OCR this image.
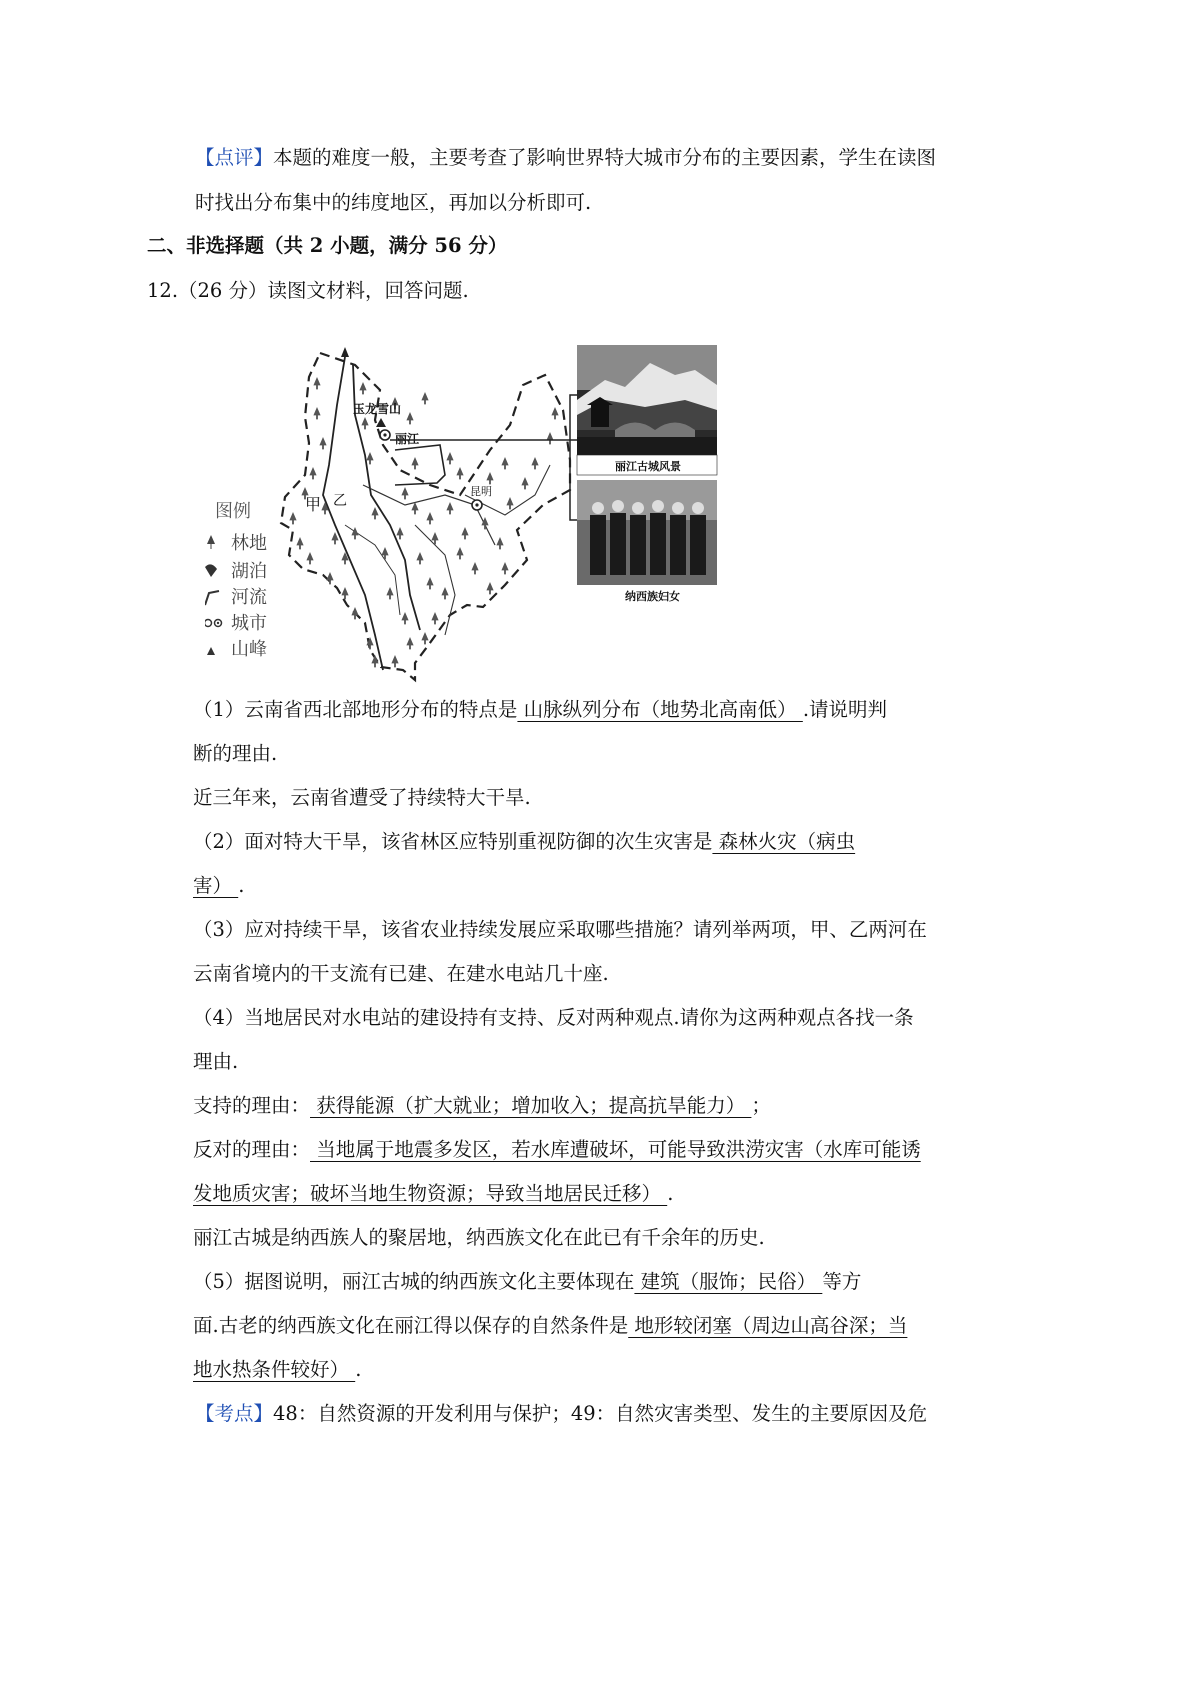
【点评】本题的难度一般，主要考查了影响世界特大城市分布的主要因素，学生在读图
时找出分布集中的纬度地区，再加以分析即可.
二、非选择题（共 2 小题，满分 56 分）
12.（26 分）读图文材料，回答问题.
玉龙雪山
丽江
昆明
甲 乙
丽江古城风景
纳西族妇女
图例
林地
湖泊
河流
城市
山峰
（1）云南省西北部地形分布的特点是 山脉纵列分布（地势北高南低） .请说明判
断的理由.
近三年来，云南省遭受了持续特大干旱.
（2）面对特大干旱，该省林区应特别重视防御的次生灾害是 森林火灾（病虫
害） .
（3）应对持续干旱，该省农业持续发展应采取哪些措施？请列举两项，甲、乙两河在
云南省境内的干支流有已建、在建水电站几十座.
（4）当地居民对水电站的建设持有支持、反对两种观点.请你为这两种观点各找一条
理由.
支持的理由： 获得能源（扩大就业；增加收入；提高抗旱能力） ；
反对的理由： 当地属于地震多发区，若水库遭破坏，可能导致洪涝灾害（水库可能诱
发地质灾害；破坏当地生物资源；导致当地居民迁移） .
丽江古城是纳西族人的聚居地，纳西族文化在此已有千余年的历史.
（5）据图说明，丽江古城的纳西族文化主要体现在 建筑（服饰；民俗） 等方
面.古老的纳西族文化在丽江得以保存的自然条件是 地形较闭塞（周边山高谷深；当
地水热条件较好） .
【考点】48：自然资源的开发利用与保护；49：自然灾害类型、发生的主要原因及危
